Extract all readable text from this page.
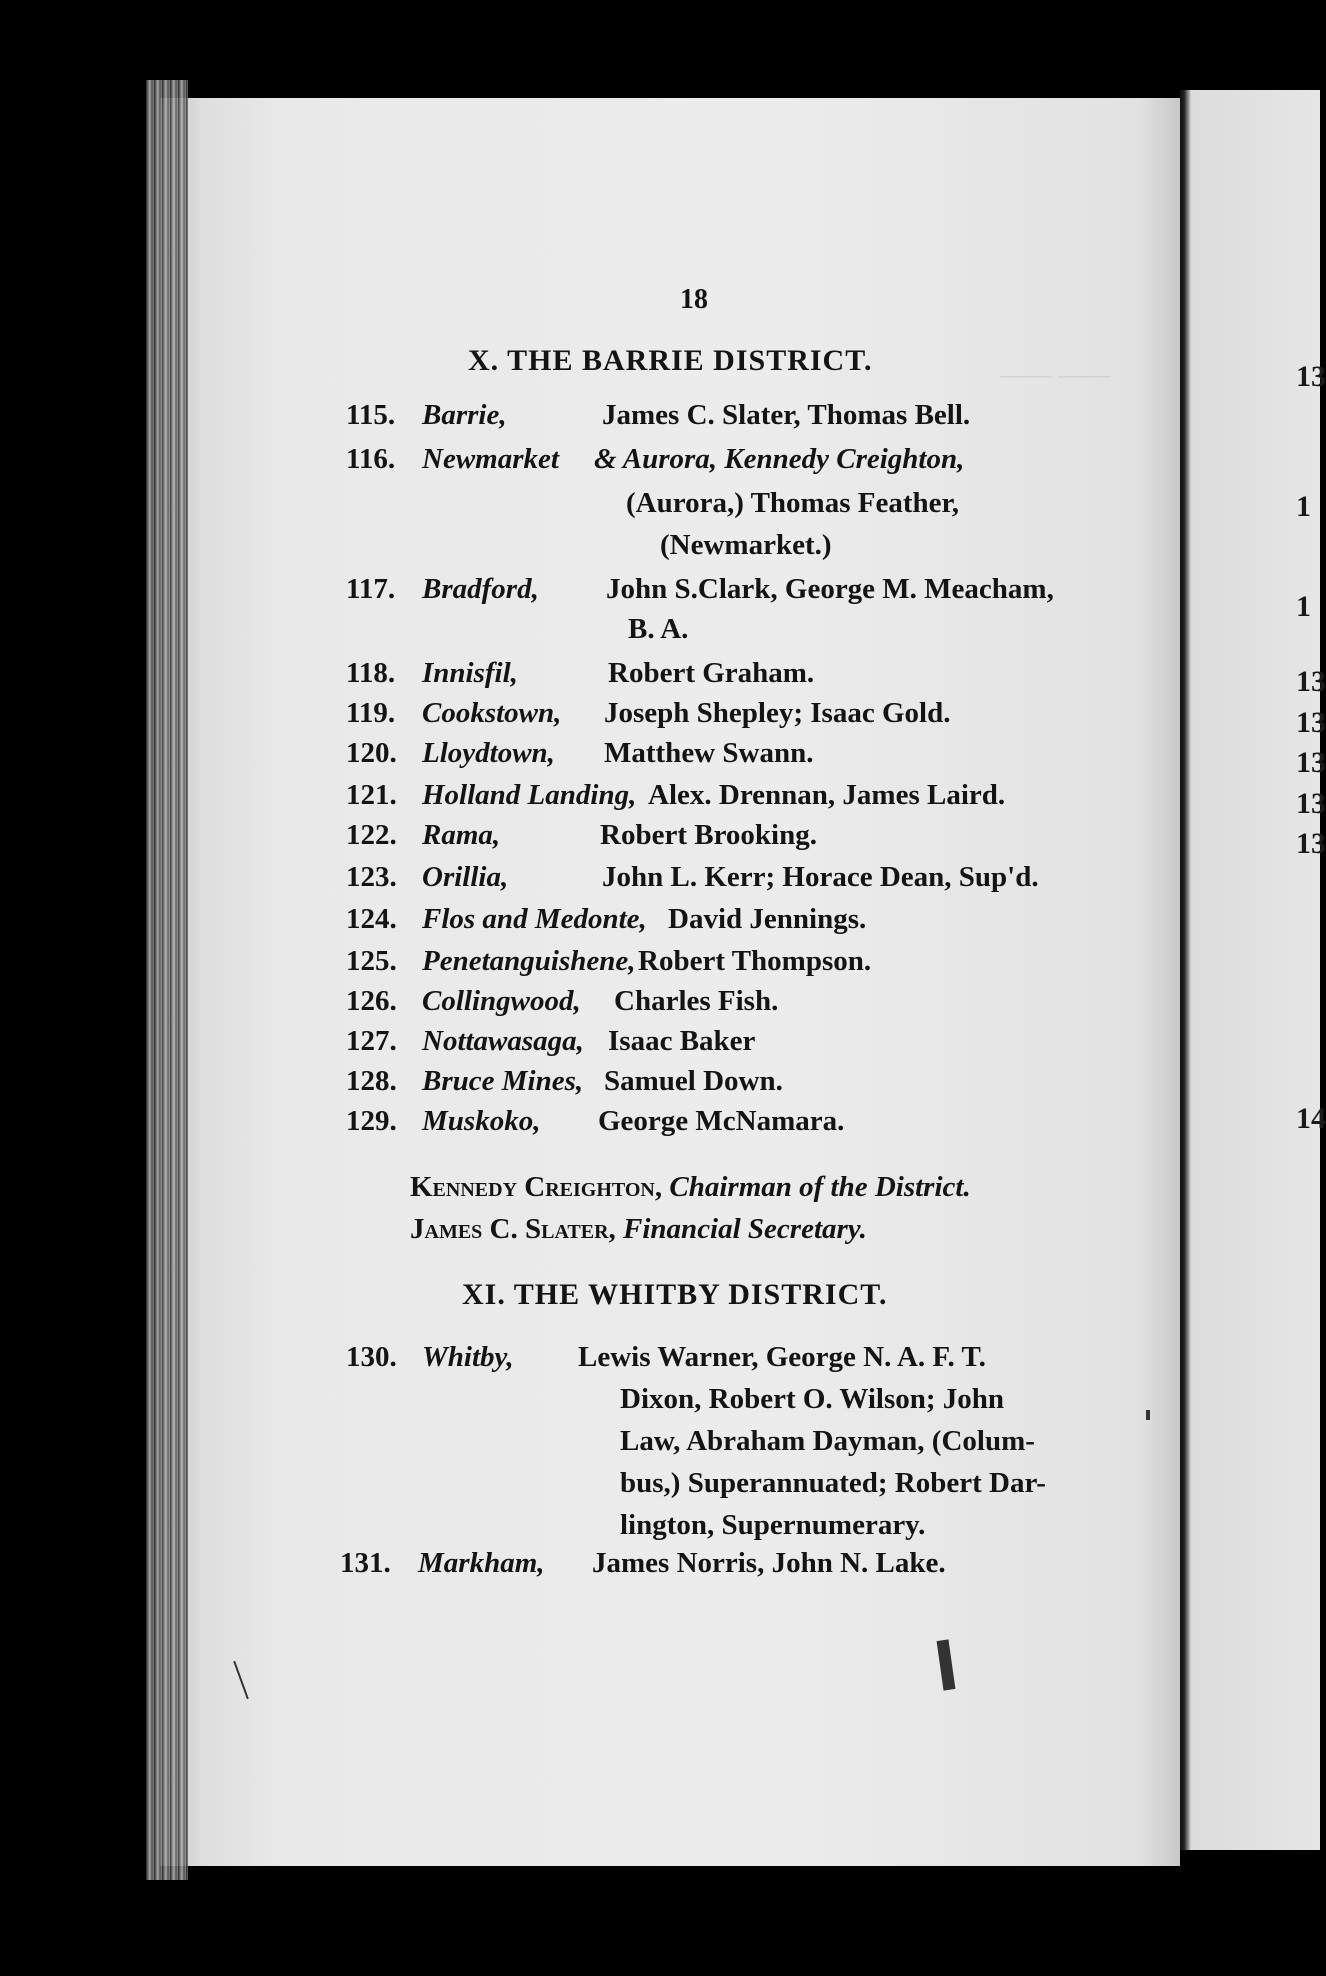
⁠—— ——	13
1
1
13
13
13
13
13
14
18
X. THE BARRIE DISTRICT.
115. Barrie,	James C. Slater, Thomas Bell.
116. Newmarket & Aurora, Kennedy Creighton,
(Aurora,) Thomas Feather,
(Newmarket.)
117. Bradford, John S.Clark, George M. Meacham,
B. A.
118. Innisfil,	Robert Graham.
119. Cookstown, Joseph Shepley; Isaac Gold.
120. Lloydtown, Matthew Swann.
121. Holland Landing, Alex. Drennan, James Laird.
122. Rama,	Robert Brooking.
123. Orillia,	John L. Kerr; Horace Dean, Sup'd.
124. Flos and Medonte, David Jennings.
125. Penetanguishene, Robert Thompson.
126. Collingwood, Charles Fish.
127. Nottawasaga, Isaac Baker
128. Bruce Mines, Samuel Down.
129. Muskoko, George McNamara.
Kennedy Creighton, Chairman of the District.
James C. Slater, Financial Secretary.
XI. THE WHITBY DISTRICT.
130. Whitby, Lewis Warner, George N. A. F. T.
Dixon, Robert O. Wilson; John
Law, Abraham Dayman, (Colum-
bus,) Superannuated; Robert Dar-
lington, Supernumerary.
131. Markham, James Norris, John N. Lake.
